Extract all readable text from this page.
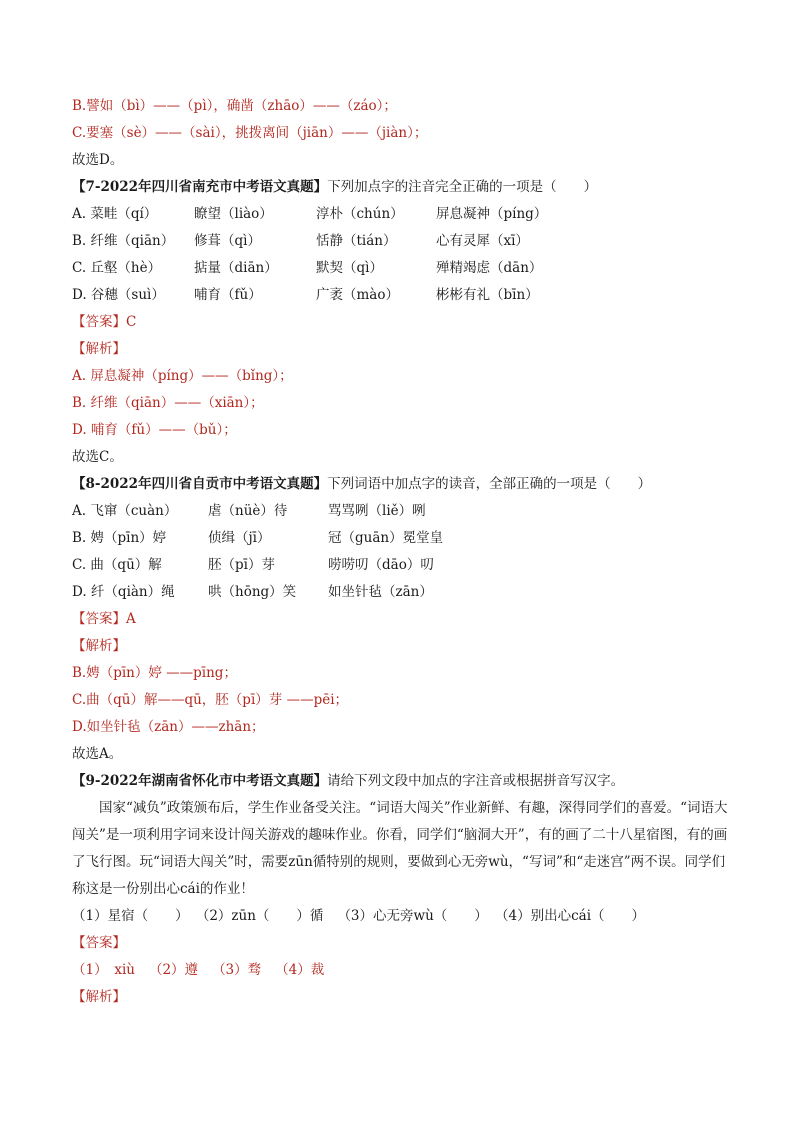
B.譬如（bì）——（pì），确凿（zhāo）——（záo）；
C.要塞（sè）——（sài），挑拨离间（jiān）——（jiàn）；
故选D。
【7-2022年四川省南充市中考语文真题】下列加点字的注音完全正确的一项是（　　）
A. 菜畦（qí）	瞭望（liào）	淳朴（chún）	屏息凝神（píng）
B. 纤维（qiān）	修葺（qì）	恬静（tián）	心有灵犀（xī）
C. 丘壑（hè）	掂量（diān）	默契（qì）	殚精竭虑（dān）
D. 谷穗（suì）	哺育（fǔ）	广袤（mào）	彬彬有礼（bīn）
【答案】C
【解析】
A. 屏息凝神（píng）——（bǐng）；
B. 纤维（qiān）——（xiān）；
D. 哺育（fǔ）——（bǔ）；
故选C。
【8-2022年四川省自贡市中考语文真题】下列词语中加点字的读音，全部正确的一项是（　　）
A. 飞窜（cuàn）	虐（nüè）待	骂骂咧（liě）咧
B. 娉（pīn）婷	侦缉（jī）	冠（guān）冕堂皇
C. 曲（qū）解	胚（pī）芽	唠唠叨（dāo）叨
D. 纤（qiàn）绳	哄（hōng）笑	如坐针毡（zān）
【答案】A
【解析】
B.娉（pīn）婷 ——pīng；
C.曲（qū）解——qū，胚（pī）芽 ——pēi；
D.如坐针毡（zān）——zhān；
故选A。
【9-2022年湖南省怀化市中考语文真题】请给下列文段中加点的字注音或根据拼音写汉字。

国家“减负”政策颁布后，学生作业备受关注。“词语大闯关”作业新鲜、有趣，深得同学们的喜爱。“词语大闯关”是一项利用字词来设计闯关游戏的趣味作业。你看，同学们“脑洞大开”，有的画了二十八星宿图，有的画了飞行图。玩“词语大闯关”时，需要zūn循特别的规则，要做到心无旁wù，“写词”和“走迷宫”两不误。同学们称这是一份别出心cái的作业！

（1）星宿（　　） （2）zūn（　　）循 （3）心无旁wù（　　） （4）别出心cái（　　）
【答案】
（1）　xiù （2）遵 （3）骛 （4）裁
【解析】
